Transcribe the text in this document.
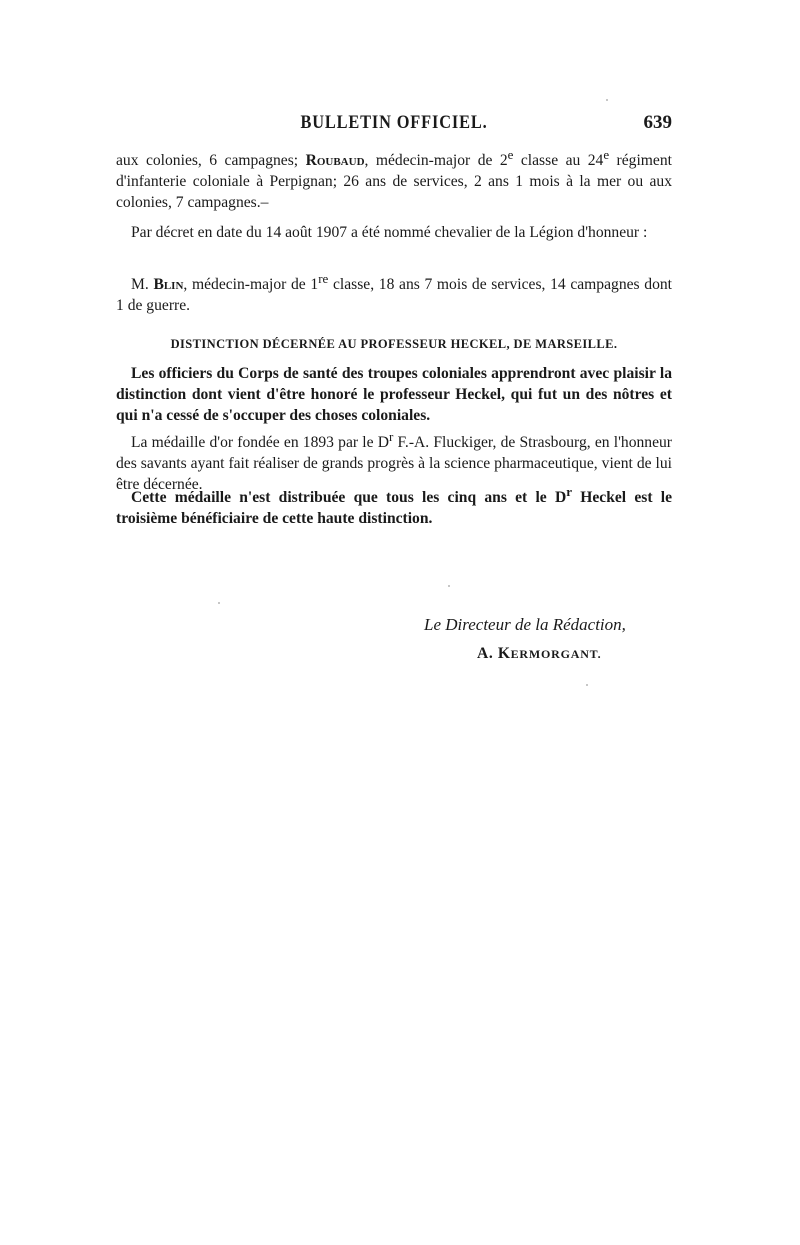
BULLETIN OFFICIEL.	639
aux colonies, 6 campagnes; Roubaud, médecin-major de 2e classe au 24e régiment d'infanterie coloniale à Perpignan; 26 ans de services, 2 ans 1 mois à la mer ou aux colonies, 7 campagnes.–
Par décret en date du 14 août 1907 a été nommé chevalier de la Légion d'honneur :
M. Blin, médecin-major de 1re classe, 18 ans 7 mois de services, 14 campagnes dont 1 de guerre.
DISTINCTION DÉCERNÉE AU PROFESSEUR HECKEL, DE MARSEILLE.
Les officiers du Corps de santé des troupes coloniales apprendront avec plaisir la distinction dont vient d'être honoré le professeur Heckel, qui fut un des nôtres et qui n'a cessé de s'occuper des choses coloniales.
La médaille d'or fondée en 1893 par le $D^r$ F.-A. Fluckiger, de Strasbourg, en l'honneur des savants ayant fait réaliser de grands progrès à la science pharmaceutique, vient de lui être décernée.
Cette médaille n'est distribuée que tous les cinq ans et le $D^r$ Heckel est le troisième bénéficiaire de cette haute distinction.
Le Directeur de la Rédaction,
A. KERMORGANT.
